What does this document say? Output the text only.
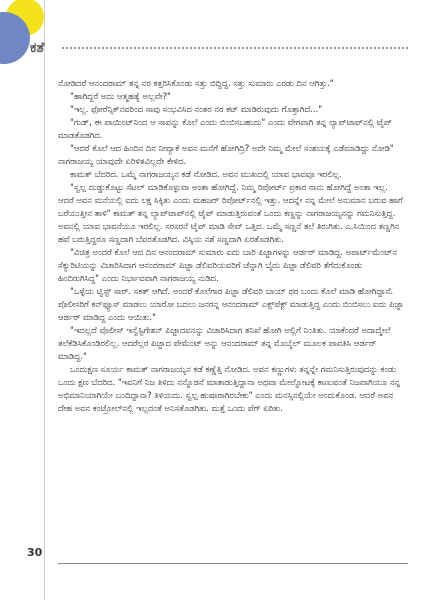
ಕತೆ

ನೋಡಿದರೆ ಆನಂದರಾಮ್ ತನ್ನ ನರ ಕತ್ತರಿಸಿಕೊಂಡು ಸತ್ತು ಬಿದ್ದಿದ್ದ. ಸತ್ತು ಸುಮಾರು ಎರಡು ದಿನ ಆಗಿತ್ತು."

"ಹಾಗಿದ್ದರೆ ಅದು ಆತ್ಮಹತ್ಯೆ ಅಲ್ಲವೇ?"

"ಇಲ್ಲ. ಫೋರೆನ್ಸಿಕ್‌ನವರಿಂದ ಸಾವು ಸಂಭವಿಸಿದ ನಂತರ ನರ ಕಟ್ ಮಾಡಿರುವುದು ಗೊತ್ತಾಗಿದೆ..."

"ಗುಡ್, ಈ ಪಾಯಿಂಟ್‌ನಿಂದ ಆ ಸಾವನ್ನು ಕೊಲೆ ಎಂದು ಬಿಂಬಿಸಬಹುದು" ಎಂದು ವೇಗವಾಗಿ ತನ್ನ ಲ್ಯಾಪ್‌ಟಾಪ್‌ನಲ್ಲಿ ಟೈಪ್ ಮಾಡತೊಡಗಿದ.

"ಆದರೆ ಕೊಲೆ ಆದ ಹಿಂದಿನ ದಿನ ನೀವ್ಯಾಕೆ ಅವನ ಮನೆಗೆ ಹೋಗಿದ್ರಿ? ಅದೇ ನಿಮ್ಮ ಮೇಲೆ ಸಂಶಯಕ್ಕೆ ಎಡೆಮಾಡಿದ್ದು ನೋಡಿ" ನಾಗರಾಜಯ್ಯ ಯಾವುದೇ ಏರಿಳಿತವಿಲ್ಲದೇ ಕೇಳಿದ.

ಕಾಮತ್ ಬೆದರಿದ. ಒಮ್ಮೆ ನಾಗರಾಜಯ್ಯನ ಕಡೆ ನೋಡಿದ. ಅವನ ಮುಖದಲ್ಲಿ ಯಾವ ಭಾವವೂ ಇರಲಿಲ್ಲ.

"ಸ್ವಲ್ಪ ದುಡ್ಡುಕೊಟ್ಟು ಸೆಟಲ್ ಮಾಡಿಕೊಳ್ಳುವಾ ಅಂತಾ ಹೋಗಿದ್ದೆ. ನಿಮ್ಮ ರಿಪೋರ್ಟ್ ಪ್ರಕಾರ ನಾನು ಹೋಗಿದ್ದೆ ಅಂತಾ ಇಲ್ಲ. ಆದರೆ ಅವನ ಮನೆಯಲ್ಲಿ ಐದು ಲಕ್ಷ ಸಿಕ್ಕಿತು ಎಂದು ಮಹಜರ್ ರಿಪೋರ್ಟ್‌ನಲ್ಲಿ ಇತ್ತು. ಆದನ್ನೇ ನನ್ನ ಮೇಲೆ ಅನುಮಾನ ಬರುವ ಹಾಗೆ ಬರೆಯುತ್ತೀನ ತಾಳಿ" ಕಾಮತ್ ತನ್ನ ಲ್ಯಾಪ್‌ಟಾಪ್‌ನಲ್ಲಿ ಟೈಪ್ ಮಾಡುತ್ತಿರುವಂತೆ ಒಂದು ಕಣ್ಣನ್ನು ನಾಗರಾಜಯ್ಯನನ್ನು ಗಮನಿಸುತ್ತಿದ್ದ. ಅವನಲ್ಲಿ ಯಾವ ಭಾವನೆಯೂ ಇರಲಿಲ್ಲ. ಸರಸರನೆ ಟೈಪ್ ಮಾಡಿ ಸೇವ್ ಒತ್ತಿದ. ಒಮ್ಮೆ ಸಣ್ಣನೆ ತಲೆ ತಿರುಗಿತು. ಎ.ಸಿಯಿಂದ ತಣ್ಣಗಿನ ಹವೆ ಬರುತ್ತಿದ್ದರೂ ಸಣ್ಣದಾಗಿ ಬೆವರತೊಡಗಿದ. ವಿಸ್ಕಿಯ ನಶೆ ಸಣ್ಣದಾಗಿ ಏರತೊಡಗಿತು.

"ವಿಚಿತ್ರ ಅಂದರೆ ಕೊಲೆ ಆದ ದಿನ ಆನಂದರಾಮ್ ಸುಮಾರು ಐದು ಬಾರಿ ಪಿಜ್ಜಾಗಳನ್ನು ಆರ್ಡರ್ ಮಾಡಿದ್ದ. ಅಪಾರ್ಟ್‌ಮೆಂಟ್‌ನ ಸೆಕ್ಯುರಿಟಿಯನ್ನು ವಿಚಾರಿಸಿದಾಗ ಆನಂದರಾಮ್ ಪಿಜ್ಜಾ ಡೆಲಿವರಿಯವರಿಗೆ ಚೆನ್ನಾಗಿ ಬೈದು ಪಿಜ್ಜಾ ಡೆಲಿವರಿ ತೆಗೆದುಕೊಂಡು ಹಿಂದಿರುಗಿಸಿದ್ದ" ಎಂದು ನಿರ್ಭಾವವಾಗಿ ನಾಗರಾಜಯ್ಯ ನುಡಿದ.

"ಒಳ್ಳೆಯ ಟ್ವಿಸ್ಟ್ ಸಾರ್. ಸಕತ್ ಆಗಿದೆ. ಅಂದರೆ ಕೊಲೆಗಾರ ಪಿಜ್ಜಾ ಡೆಲಿವರಿ ಬಾಯ್ ಥರ ಬಂದು ಕೊಲೆ ಮಾಡಿ ಹೋಗಿದ್ದಾನೆ. ಪೊಲೀಸರಿಗೆ ಕನ್‌ಫ್ಯೂಸ್ ಮಾಡಲು ಯಾರೋ ಬದಲು ಜನರನ್ನ ಆನಂದರಾಮ್ ಎಕ್ಸ್‌ಪೆಕ್ಟ್ ಮಾಡುತ್ತಿದ್ದ ಎಂದು ಬಿಂಬಿಸಲು ಐದು ಪಿಜ್ಜಾ ಆರ್ಡರ್ ಮಾಡಿದ್ದ ಎಂದು ಆಯಿತು."

"ಇದಲ್ಲದೆ ಪೊಲೀಸ್ ಇನ್ವೆಸ್ಟಿಗೇಶನ್ ಪಿಜ್ಜಾದವನನ್ನು ವಿಚಾರಿಸಿದಾಗ ತನಿಖೆ ಹೋಗಿ ಅಲ್ಲಿಗೆ ನಿಂತಿತು. ಯಾಕೆಂದರೆ ಅದಾದ್ಮೇಲೆ ತಲೆಕೆಡಿಸಿಕೊಂಡಿರಲಿಲ್ಲ. ಆದರೆಲ್ಲರ ಪಿಜ್ಜಾದ ಪೇಮೆಂಟ್ ಅನ್ನು ಆನಂದರಾಮ್ ತನ್ನ ಮೊಬೈಲ್ ಮೂಲಕ ಪಾವತಿಸಿ ಆರ್ಡರ್ ಮಾಡಿದ್ದ."

ಒಂದುಕ್ಷಣ ಸೂರ್ಯ ಕಾಮತ್ ನಾಗರಾಜಯ್ಯನ ಕಡೆ ಕಣ್ಣೆತ್ತಿ ನೋಡಿದ. ಅವನ ಕಣ್ಣುಗಳು ತನ್ನನ್ನೇ ಗಮನಿಸುತ್ತಿರುವುದನ್ನು ಕಂಡು ಒಂದು ಕ್ಷಣ ಬೆದರಿದ. "ಇವನಿಗೆ ನಿಜ ತಿಳಿದು ನನ್ನೊಡನೆ ಮಾತಾಡುತ್ತಿದ್ದಾನಾ ಅಥವಾ ಮೇಲ್ನೋಟಕ್ಕೆ ಕಾಣುವಂತೆ ನಿಜವಾಗಿಯೂ ನನ್ನ ಅಭಿಮಾನಿಯಾಗಿಯೇ ಬಂದಿದ್ದಾನಾ? ತಿಳಿಯದು. ಸ್ವಲ್ಪ ಹುಷಾರಾಗಿರಬೇಕು" ಎಂದು ಮನಸ್ಸಿನಲ್ಲಿಯೇ ಅಂದುಕೊಂಡ. ಆದರೆ ಅವನ ದೇಹ ಅವನ ಕಂಟ್ರೋಲ್‌ನಲ್ಲಿ ಇಲ್ಲದಂತೆ ಅನಿಸತೊಡಗಿತು. ಮತ್ತೆ ಒಂದು ಪೆಗ್ ಏರಿತು.

30
